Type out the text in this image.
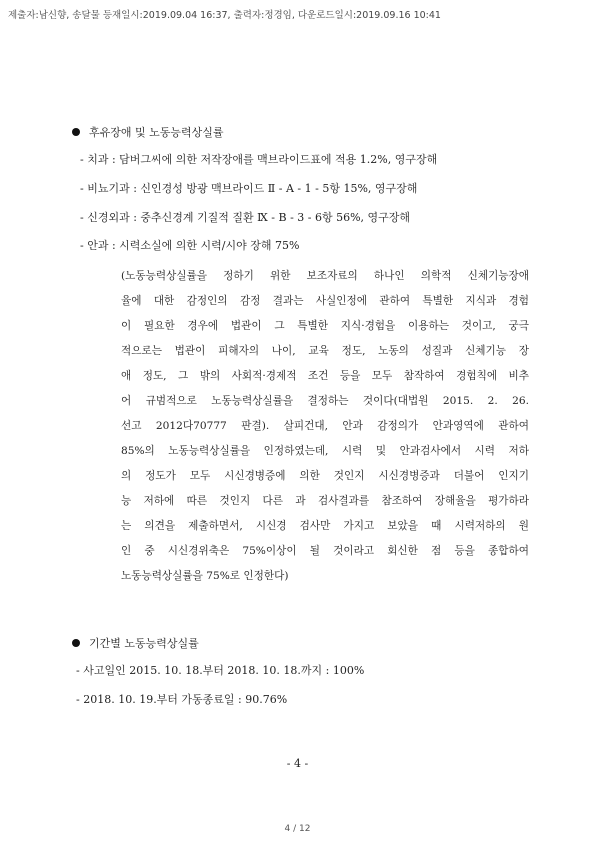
제출자:남신향, 송달물 등재일시:2019.09.04 16:37, 출력자:정경임, 다운로드일시:2019.09.16 10:41
후유장애 및 노동능력상실률
- 치과 : 담버그씨에 의한 저작장애를 맥브라이드표에 적용 1.2%, 영구장해
- 비뇨기과 : 신인경성 방광 맥브라이드 Ⅱ - A - 1 - 5항 15%, 영구장해
- 신경외과 : 중추신경계 기질적 질환 Ⅸ - B - 3 - 6항 56%, 영구장해
- 안과 : 시력소실에 의한 시력/시야 장해 75%
(노동능력상실률을 정하기 위한 보조자료의 하나인 의학적 신체기능장애
율에 대한 감정인의 감정 결과는 사실인정에 관하여 특별한 지식과 경험
이 필요한 경우에 법관이 그 특별한 지식·경험을 이용하는 것이고, 궁극
적으로는 법관이 피해자의 나이, 교육 정도, 노동의 성질과 신체기능 장
애 정도, 그 밖의 사회적·경제적 조건 등을 모두 참작하여 경험칙에 비추
어 규범적으로 노동능력상실률을 결정하는 것이다(대법원 2015. 2. 26.
선고 2012다70777 판결). 살피건대, 안과 감정의가 안과영역에 관하여
85%의 노동능력상실률을 인정하였는데, 시력 및 안과검사에서 시력 저하
의 정도가 모두 시신경병증에 의한 것인지 시신경병증과 더불어 인지기
능 저하에 따른 것인지 다른 과 검사결과를 참조하여 장해율을 평가하라
는 의견을 제출하면서, 시신경 검사만 가지고 보았을 때 시력저하의 원
인 중 시신경위축은 75%이상이 될 것이라고 회신한 점 등을 종합하여
노동능력상실률을 75%로 인정한다)
기간별 노동능력상실률
- 사고일인 2015. 10. 18.부터 2018. 10. 18.까지 : 100%
- 2018. 10. 19.부터 가동종료일 : 90.76%
- 4 -
4 / 12
